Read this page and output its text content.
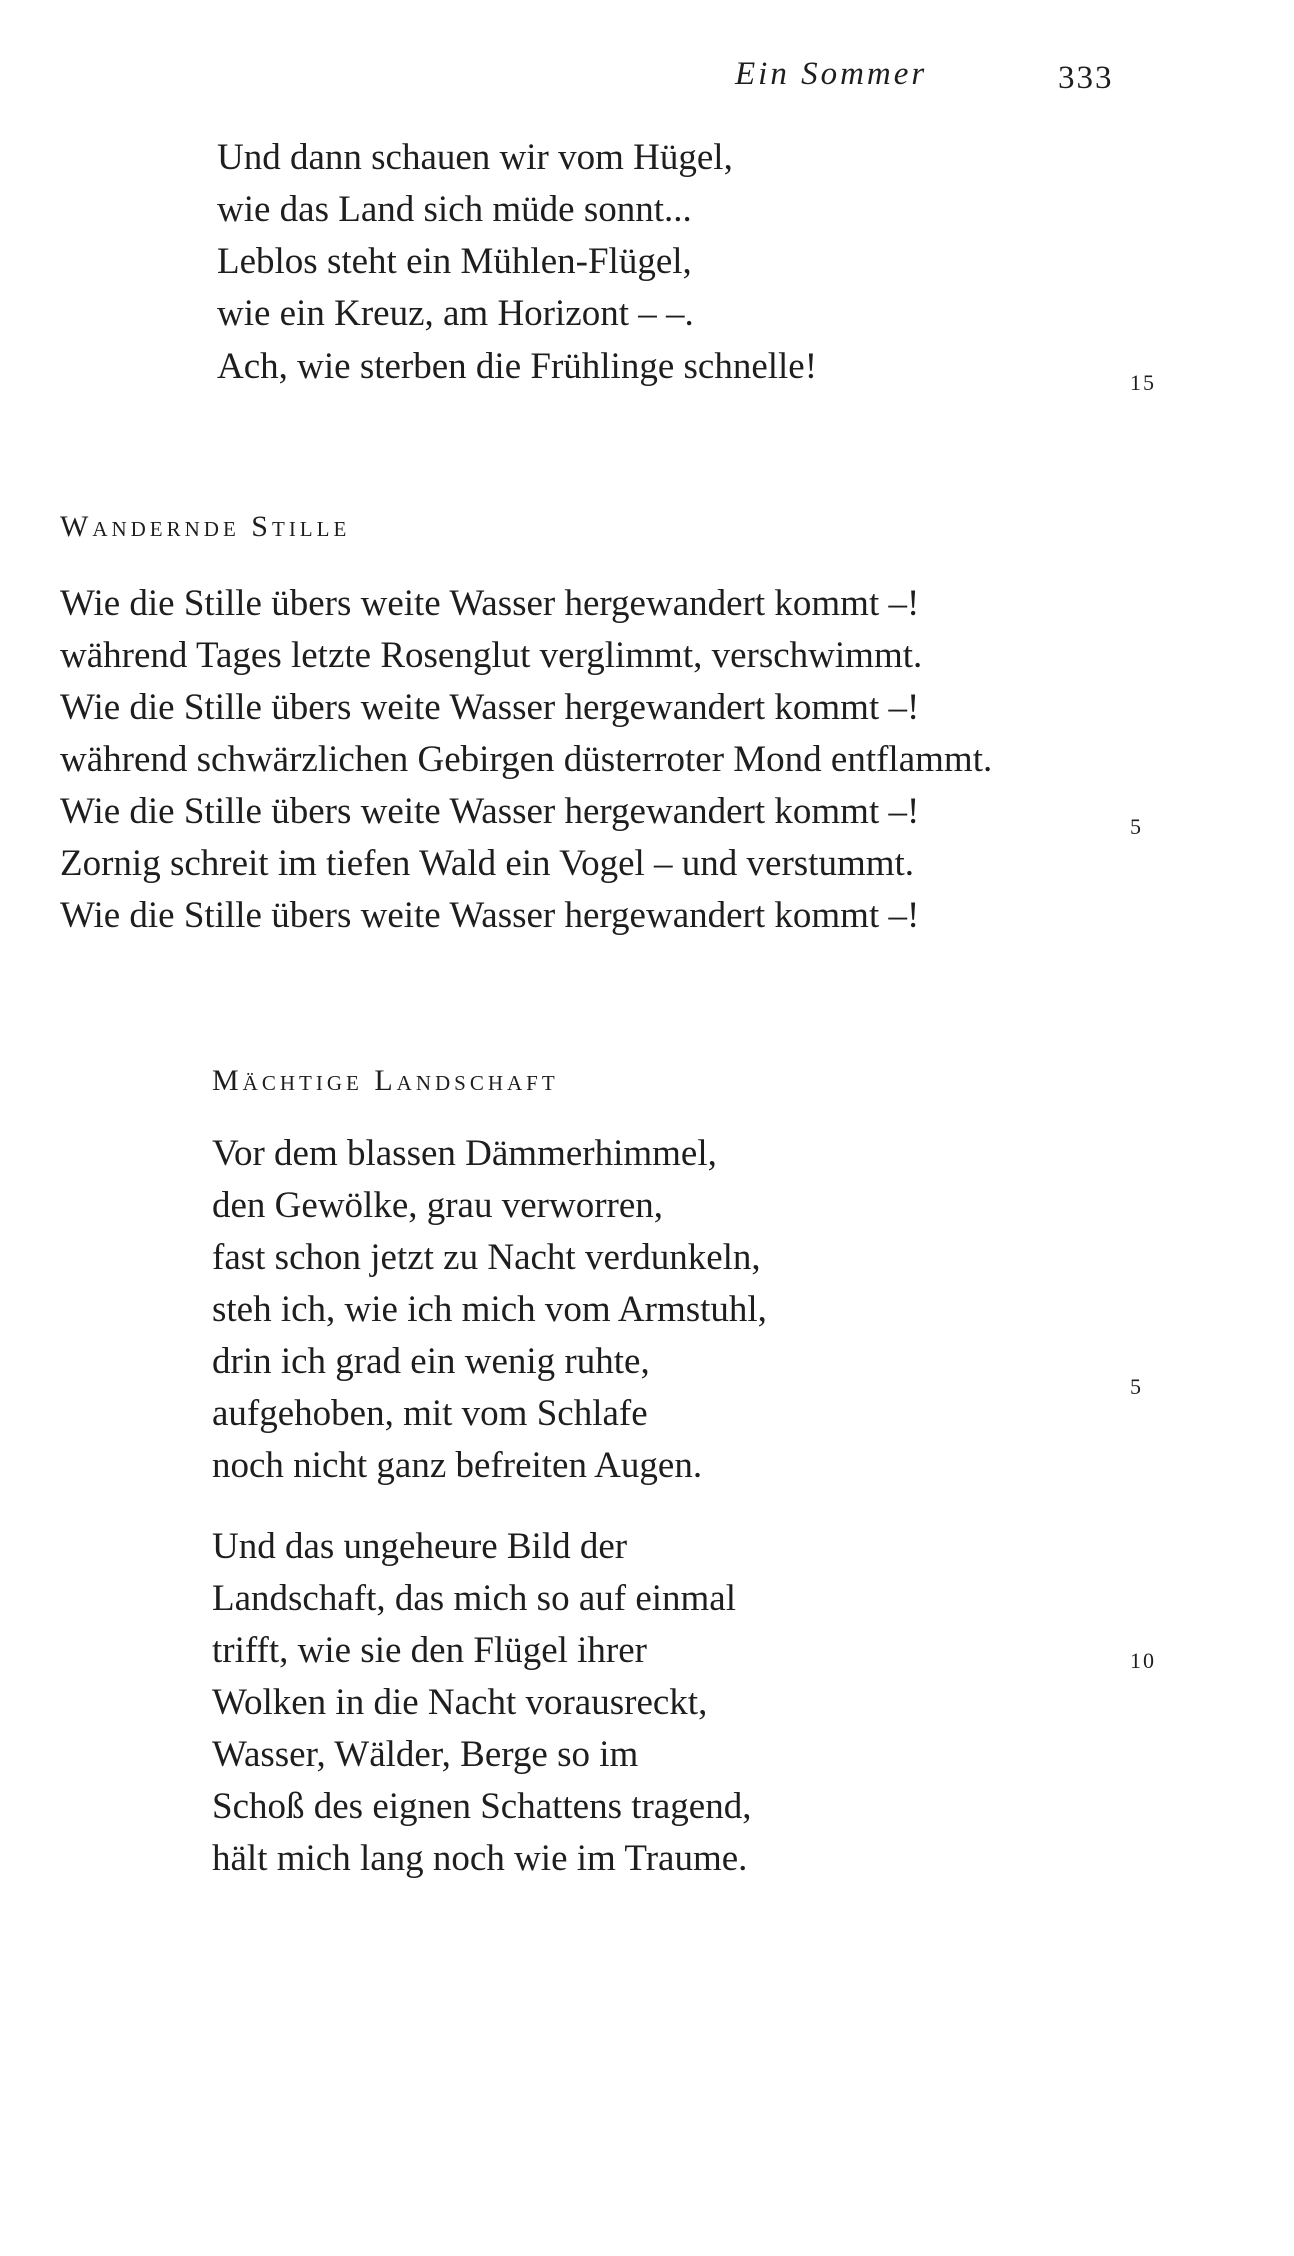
Ein Sommer	333
Und dann schauen wir vom Hügel,
wie das Land sich müde sonnt...
Leblos steht ein Mühlen-Flügel,
wie ein Kreuz, am Horizont – –.
Ach, wie sterben die Frühlinge schnelle!	15
Wandernde Stille
Wie die Stille übers weite Wasser hergewandert kommt –!
während Tages letzte Rosenglut verglimmt, verschwimmt.
Wie die Stille übers weite Wasser hergewandert kommt –!
während schwärzlichen Gebirgen düsterroter Mond entflammt.
Wie die Stille übers weite Wasser hergewandert kommt –!
Zornig schreit im tiefen Wald ein Vogel – und verstummt.
Wie die Stille übers weite Wasser hergewandert kommt –!
5
Mächtige Landschaft
Vor dem blassen Dämmerhimmel,
den Gewölke, grau verworren,
fast schon jetzt zu Nacht verdunkeln,
steh ich, wie ich mich vom Armstuhl,
drin ich grad ein wenig ruhte,
aufgehoben, mit vom Schlafe
noch nicht ganz befreiten Augen.
5
Und das ungeheure Bild der
Landschaft, das mich so auf einmal
trifft, wie sie den Flügel ihrer
Wolken in die Nacht vorausreckt,
Wasser, Wälder, Berge so im
Schoß des eignen Schattens tragend,
hält mich lang noch wie im Traume.
10
